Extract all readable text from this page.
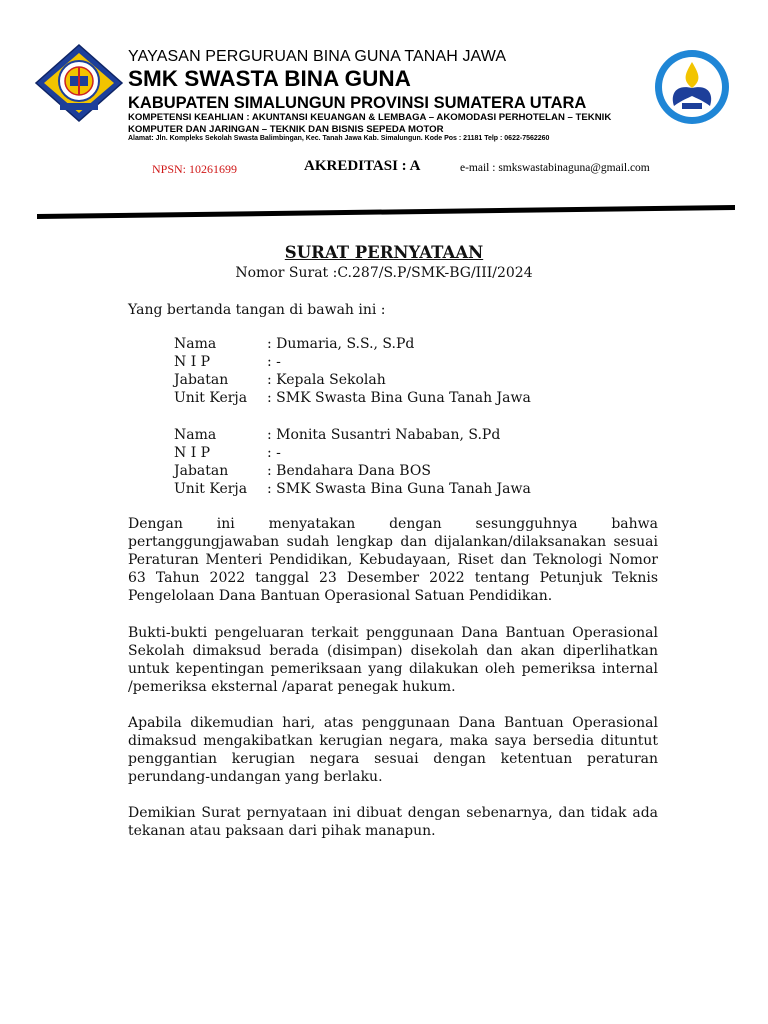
YAYASAN PERGURUAN BINA GUNA TANAH JAWA
SMK SWASTA BINA GUNA
KABUPATEN SIMALUNGUN PROVINSI SUMATERA UTARA
KOMPETENSI KEAHLIAN : AKUNTANSI KEUANGAN & LEMBAGA – AKOMODASI PERHOTELAN – TEKNIK KOMPUTER DAN JARINGAN – TEKNIK DAN BISNIS SEPEDA MOTOR
Alamat: Jln. Kompleks Sekolah Swasta Balimbingan, Kec. Tanah Jawa Kab. Simalungun. Kode Pos : 21181 Telp : 0622-7562260
NPSN: 10261699	AKREDITASI : A	e-mail : smkswastabinaguna@gmail.com
SURAT PERNYATAAN
Nomor Surat :C.287/S.P/SMK-BG/III/2024
Yang bertanda tangan di bawah ini :
Nama	: Dumaria, S.S., S.Pd
N I P	: -
Jabatan	: Kepala Sekolah
Unit Kerja : SMK Swasta Bina Guna Tanah Jawa
Nama	: Monita Susantri Nababan, S.Pd
N I P	: -
Jabatan	: Bendahara Dana BOS
Unit Kerja : SMK Swasta Bina Guna Tanah Jawa
Dengan ini menyatakan dengan sesungguhnya bahwa pertanggungjawaban sudah lengkap dan dijalankan/dilaksanakan sesuai Peraturan Menteri Pendidikan, Kebudayaan, Riset dan Teknologi Nomor 63 Tahun 2022 tanggal 23 Desember 2022 tentang Petunjuk Teknis Pengelolaan Dana Bantuan Operasional Satuan Pendidikan.
Bukti-bukti pengeluaran terkait penggunaan Dana Bantuan Operasional Sekolah dimaksud berada (disimpan) disekolah dan akan diperlihatkan untuk kepentingan pemeriksaan yang dilakukan oleh pemeriksa internal /pemeriksa eksternal /aparat penegak hukum.
Apabila dikemudian hari, atas penggunaan Dana Bantuan Operasional dimaksud mengakibatkan kerugian negara, maka saya bersedia dituntut penggantian kerugian negara sesuai dengan ketentuan peraturan perundang-undangan yang berlaku.
Demikian Surat pernyataan ini dibuat dengan sebenarnya, dan tidak ada tekanan atau paksaan dari pihak manapun.
